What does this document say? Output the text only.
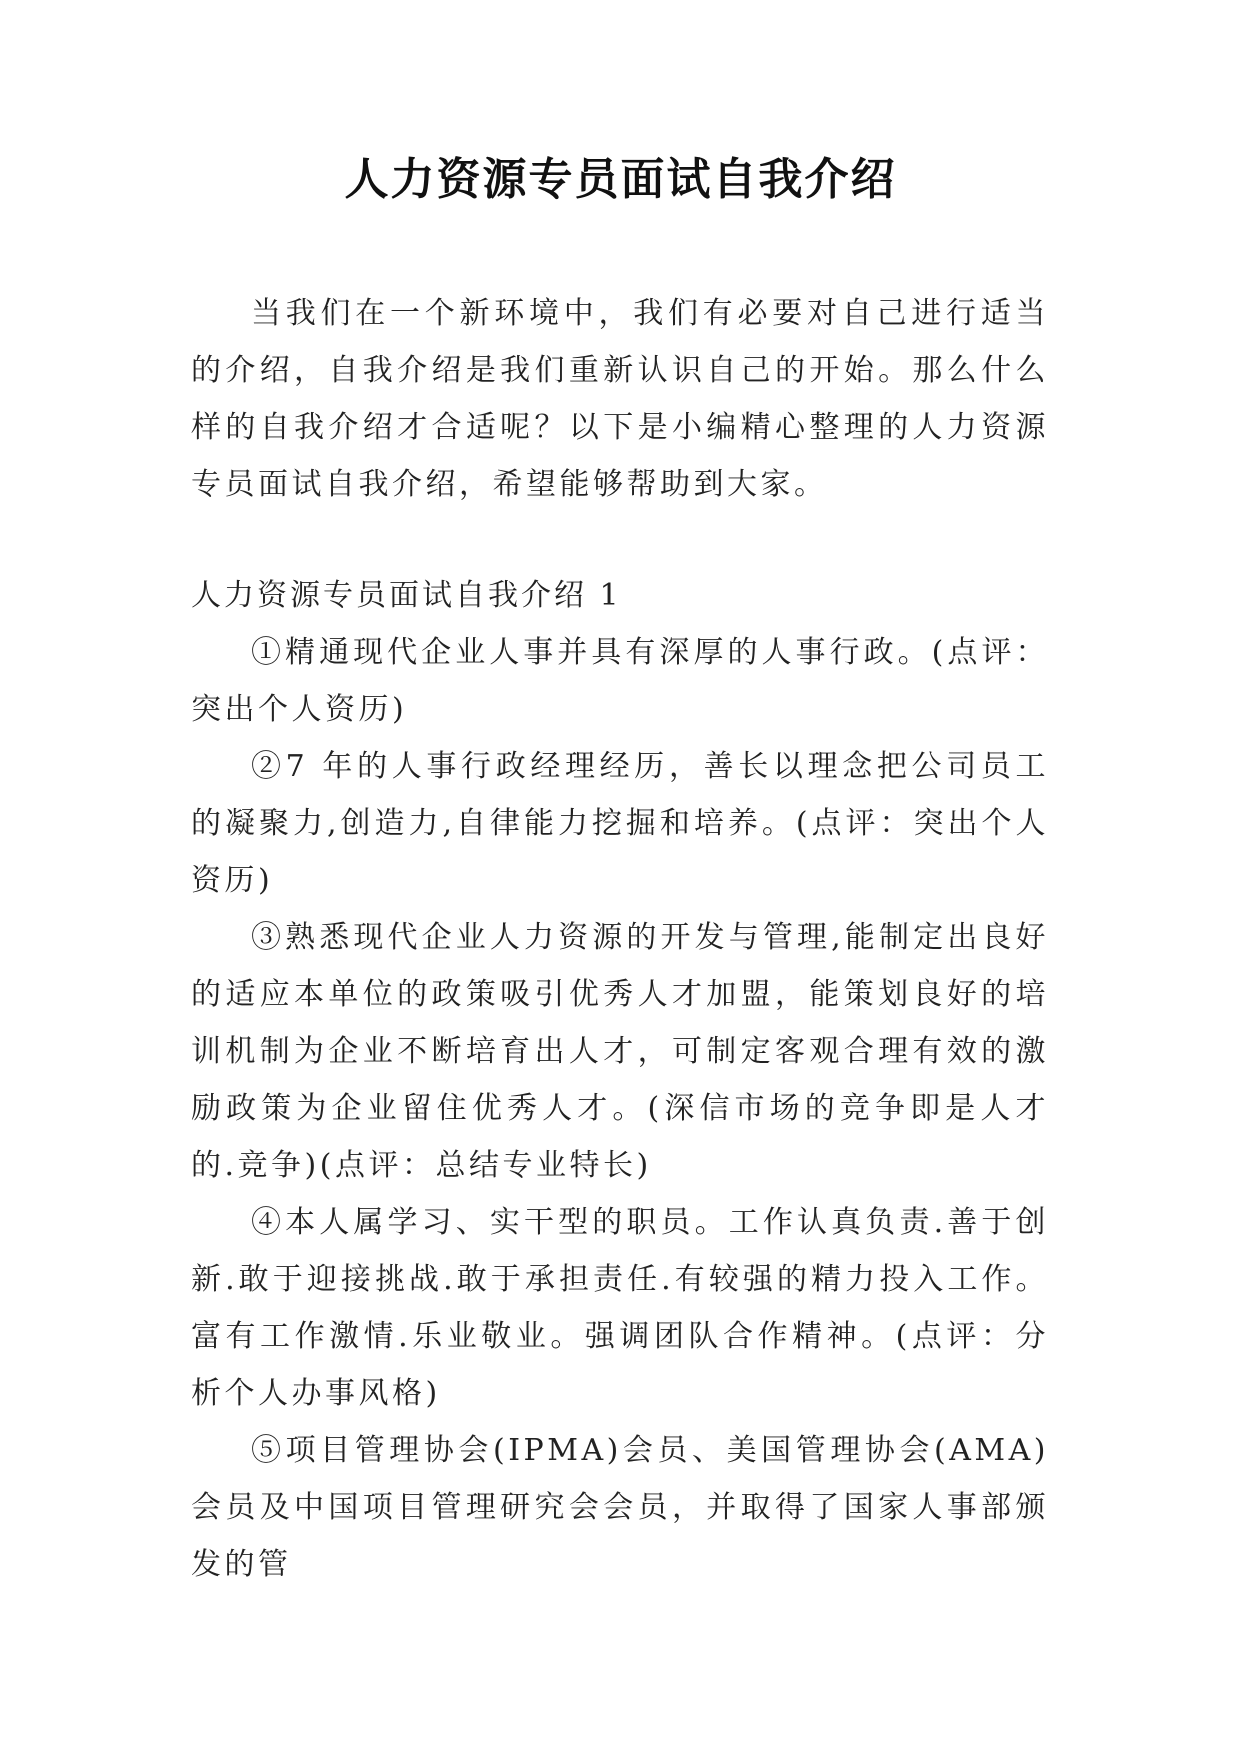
人力资源专员面试自我介绍

当我们在一个新环境中，我们有必要对自己进行适当的介绍，自我介绍是我们重新认识自己的开始。那么什么样的自我介绍才合适呢？以下是小编精心整理的人力资源专员面试自我介绍，希望能够帮助到大家。

人力资源专员面试自我介绍 1

①精通现代企业人事并具有深厚的人事行政。(点评：突出个人资历)

②7 年的人事行政经理经历，善长以理念把公司员工的凝聚力,创造力,自律能力挖掘和培养。(点评：突出个人资历)

③熟悉现代企业人力资源的开发与管理,能制定出良好的适应本单位的政策吸引优秀人才加盟，能策划良好的培训机制为企业不断培育出人才，可制定客观合理有效的激励政策为企业留住优秀人才。(深信市场的竞争即是人才的.竞争)(点评：总结专业特长)

④本人属学习、实干型的职员。工作认真负责.善于创新.敢于迎接挑战.敢于承担责任.有较强的精力投入工作。富有工作激情.乐业敬业。强调团队合作精神。(点评：分析个人办事风格)

⑤项目管理协会(IPMA)会员、美国管理协会(AMA)会员及中国项目管理研究会会员，并取得了国家人事部颁发的管
